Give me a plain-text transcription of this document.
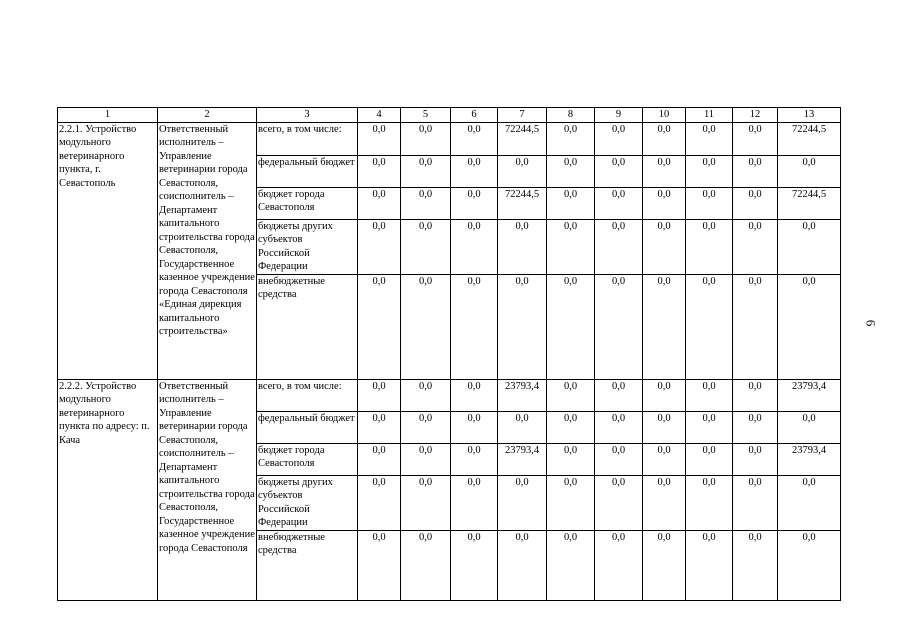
1	2	3	4	5	6	7	8	9	10	11	12	13
2.2.1. Устройство модульного ветеринарного пункта, г. Севастополь	Ответственный исполнитель – Управление ветеринарии города Севастополя, соисполнитель – Департамент капитального строительства города Севастополя, Государственное казенное учреждение города Севастополя «Единая дирекция капитального строительства»	всего, в том числе:	0,0	0,0	0,0	72244,5	0,0	0,0	0,0	0,0	0,0	72244,5
		федеральный бюджет	0,0	0,0	0,0	0,0	0,0	0,0	0,0	0,0	0,0	0,0
		бюджет города Севастополя	0,0	0,0	0,0	72244,5	0,0	0,0	0,0	0,0	0,0	72244,5
		бюджеты других субъектов Российской Федерации	0,0	0,0	0,0	0,0	0,0	0,0	0,0	0,0	0,0	0,0
		внебюджетные средства	0,0	0,0	0,0	0,0	0,0	0,0	0,0	0,0	0,0	0,0
2.2.2. Устройство модульного ветеринарного пункта по адресу: п. Кача	Ответственный исполнитель – Управление ветеринарии города Севастополя, соисполнитель – Департамент капитального строительства города Севастополя, Государственное казенное учреждение города Севастополя	всего, в том числе:	0,0	0,0	0,0	23793,4	0,0	0,0	0,0	0,0	0,0	23793,4
		федеральный бюджет	0,0	0,0	0,0	0,0	0,0	0,0	0,0	0,0	0,0	0,0
		бюджет города Севастополя	0,0	0,0	0,0	23793,4	0,0	0,0	0,0	0,0	0,0	23793,4
		бюджеты других субъектов Российской Федерации	0,0	0,0	0,0	0,0	0,0	0,0	0,0	0,0	0,0	0,0
		внебюджетные средства	0,0	0,0	0,0	0,0	0,0	0,0	0,0	0,0	0,0	0,0
6
